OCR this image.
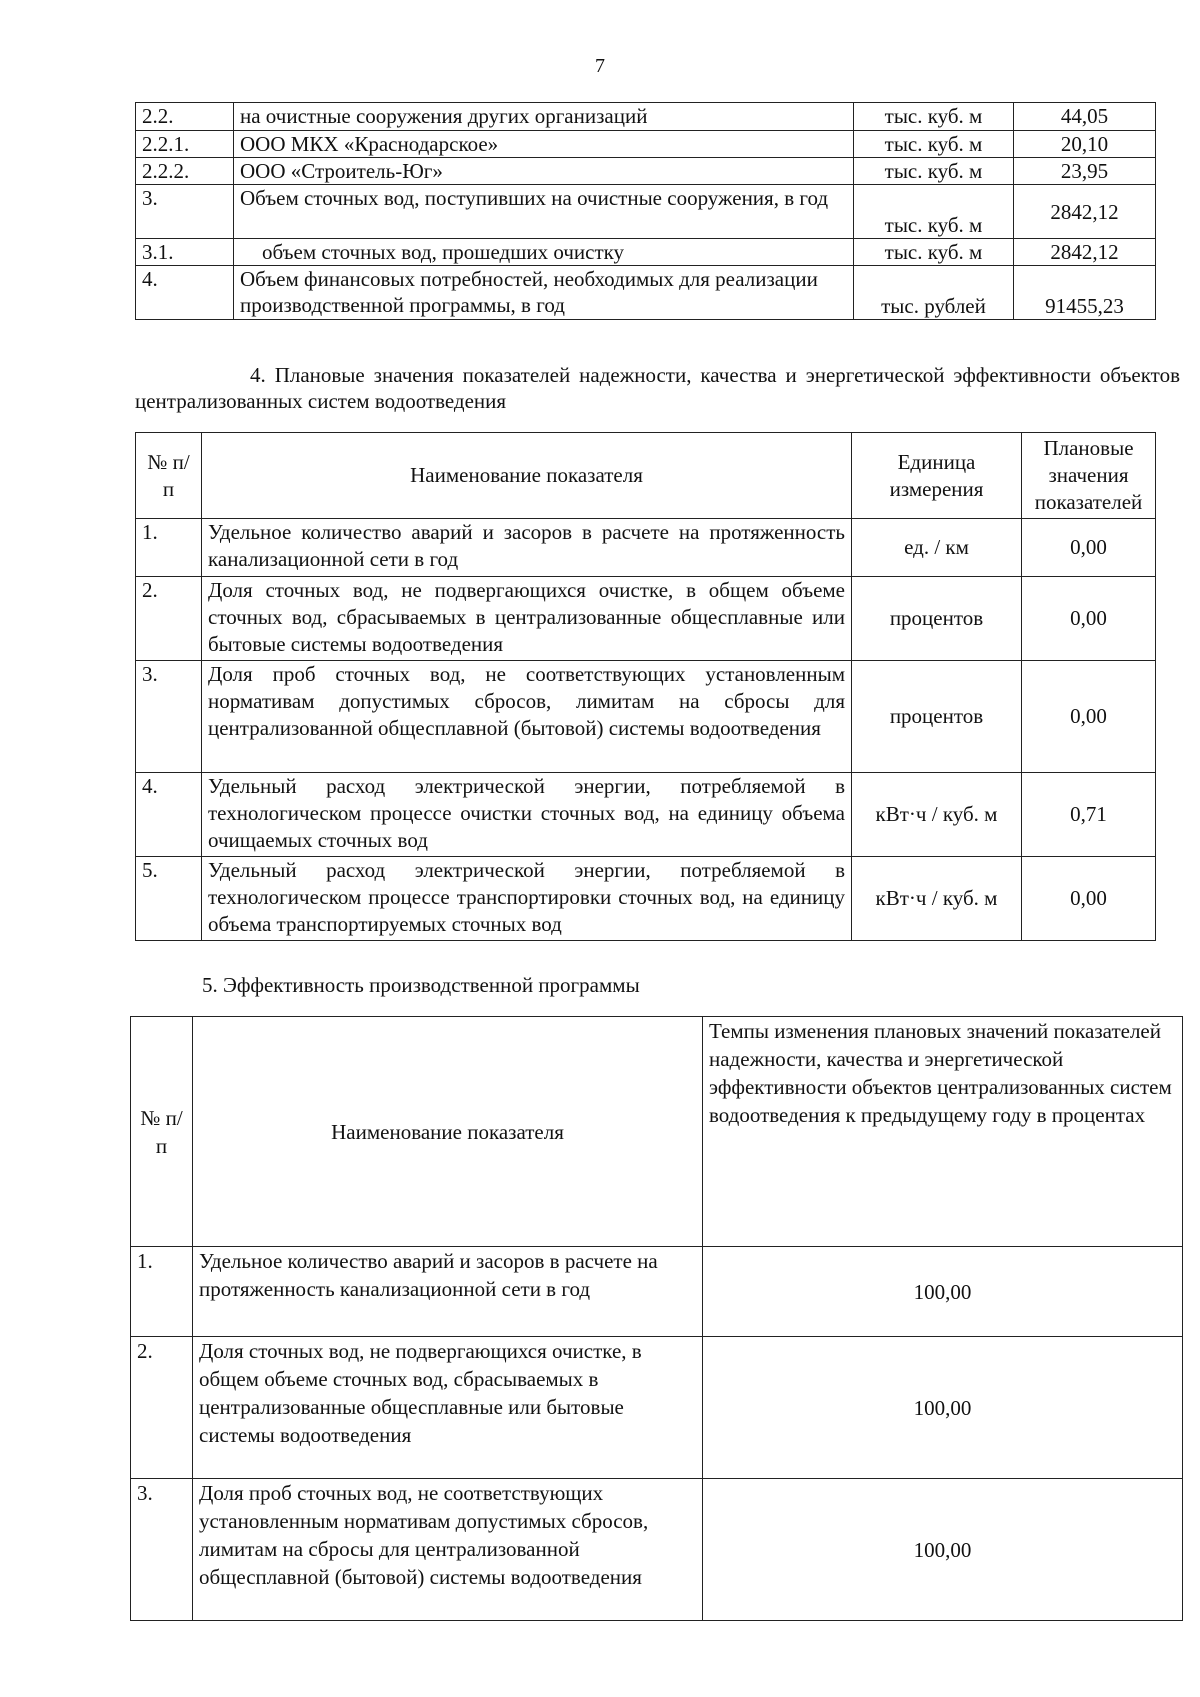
7
2.2.	на очистные сооружения других организаций	тыс. куб. м	44,05
2.2.1.	ООО МКХ «Краснодарское»	тыс. куб. м	20,10
2.2.2.	ООО «Строитель-Юг»	тыс. куб. м	23,95
3.	Объем сточных вод, поступивших на очистные сооружения, в год	тыс. куб. м	2842,12
3.1.	объем сточных вод, прошедших очистку	тыс. куб. м	2842,12
4.	Объем финансовых потребностей, необходимых для реализации производственной программы, в год	тыс. рублей	91455,23
4. Плановые значения показателей надежности, качества и энергетической эффективности объектов централизованных систем водоотведения
№ п/п	Наименование показателя	Единица измерения	Плановые значения показателей
1.	Удельное количество аварий и засоров в расчете на протяженность канализационной сети в год	ед. / км	0,00
2.	Доля сточных вод, не подвергающихся очистке, в общем объеме сточных вод, сбрасываемых в централизованные общесплавные или бытовые системы водоотведения	процентов	0,00
3.	Доля проб сточных вод, не соответствующих установленным нормативам допустимых сбросов, лимитам на сбросы для централизованной общесплавной (бытовой) системы водоотведения	процентов	0,00
4.	Удельный расход электрической энергии, потребляемой в технологическом процессе очистки сточных вод, на единицу объема очищаемых сточных вод	кВт·ч / куб. м	0,71
5.	Удельный расход электрической энергии, потребляемой в технологическом процессе транспортировки сточных вод, на единицу объема транспортируемых сточных вод	кВт·ч / куб. м	0,00
5. Эффективность производственной программы
№ п/п	Наименование показателя	Темпы изменения плановых значений показателей надежности, качества и энергетической эффективности объектов централизованных систем водоотведения к предыдущему году в процентах
1.	Удельное количество аварий и засоров в расчете на протяженность канализационной сети в год	100,00
2.	Доля сточных вод, не подвергающихся очистке, в общем объеме сточных вод, сбрасываемых в централизованные общесплавные или бытовые системы водоотведения	100,00
3.	Доля проб сточных вод, не соответствующих установленным нормативам допустимых сбросов, лимитам на сбросы для централизованной общесплавной (бытовой) системы водоотведения	100,00
